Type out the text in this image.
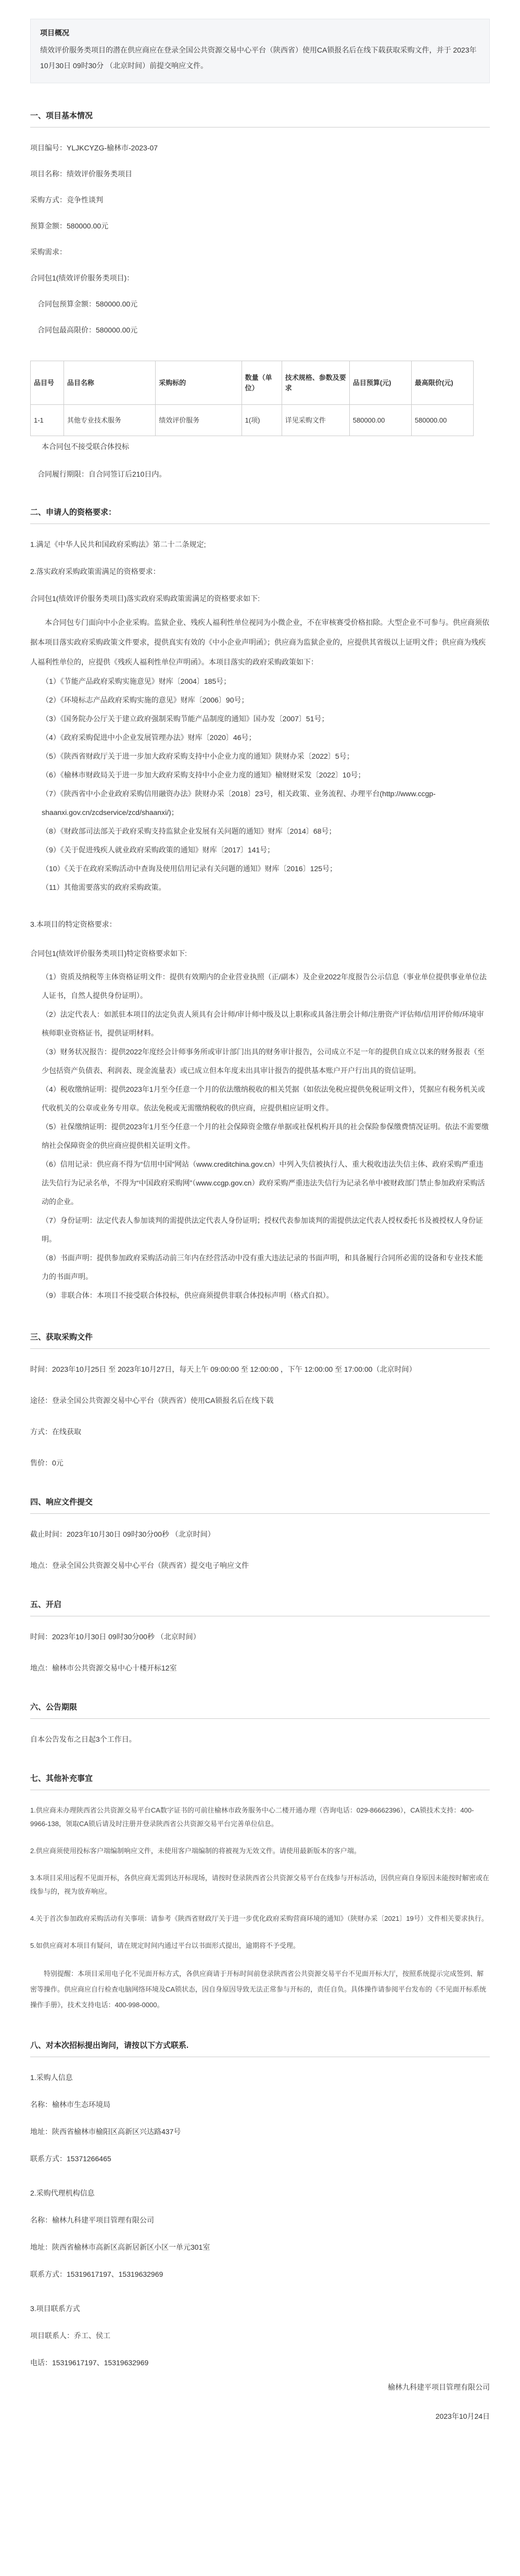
项目概况
绩效评价服务类项目的潜在供应商应在登录全国公共资源交易中心平台（陕西省）使用CA锁报名后在线下载获取采购文件，并于 2023年10月30日 09时30分 （北京时间）前提交响应文件。
一、项目基本情况
项目编号：YLJKCYZG-榆林市-2023-07
项目名称：绩效评价服务类项目
采购方式：竞争性谈判
预算金额：580000.00元
采购需求：
合同包1(绩效评价服务类项目)：
合同包预算金额：580000.00元
合同包最高限价：580000.00元
品目号	品目名称	采购标的	数量（单位）	技术规格、参数及要求	品目预算(元)	最高限价(元)
1-1	其他专业技术服务	绩效评价服务	1(项)	详见采购文件	580000.00	580000.00
本合同包不接受联合体投标
合同履行期限：自合同签订后210日内。
二、申请人的资格要求：
1.满足《中华人民共和国政府采购法》第二十二条规定;
2.落实政府采购政策需满足的资格要求：
合同包1(绩效评价服务类项目)落实政府采购政策需满足的资格要求如下:
本合同包专门面向中小企业采购。监狱企业、残疾人福利性单位视同为小微企业，不在审核赛受价格扣除。大型企业不可参与。供应商须依据本项目落实政府采购政策文件要求，提供真实有效的《中小企业声明函》；供应商为监狱企业的，应提供其省级以上证明文件；供应商为残疾人福利性单位的，应提供《残疾人福利性单位声明函》。本项目落实的政府采购政策如下：
（1）《节能产品政府采购实施意见》财库〔2004〕185号；
（2）《环境标志产品政府采购实施的意见》财库〔2006〕90号；
（3）《国务院办公厅关于建立政府强制采购节能产品制度的通知》国办发〔2007〕51号；
（4）《政府采购促进中小企业发展管理办法》财库〔2020〕46号；
（5）《陕西省财政厅关于进一步加大政府采购支持中小企业力度的通知》陕财办采〔2022〕5号；
（6）《榆林市财政局关于进一步加大政府采购支持中小企业力度的通知》榆财财采发〔2022〕10号；
（7）《陕西省中小企业政府采购信用融资办法》陕财办采〔2018〕23号，相关政策、业务流程、办理平台(http://www.ccgp-shaanxi.gov.cn/zcdservice/zcd/shaanxi/)；
（8）《财政部司法部关于政府采购支持监狱企业发展有关问题的通知》财库〔2014〕68号；
（9）《关于促进残疾人就业政府采购政策的通知》财库〔2017〕141号；
（10）《关于在政府采购活动中查询及使用信用记录有关问题的通知》财库〔2016〕125号；
（11）其他需要落实的政府采购政策。
3.本项目的特定资格要求：
合同包1(绩效评价服务类项目)特定资格要求如下:
（1）资质及纳税等主体资格证明文件：提供有效期内的企业营业执照（正/副本）及企业2022年度报告公示信息（事业单位提供事业单位法人证书，自然人提供身份证明）。
（2）法定代表人：如派驻本项目的法定负责人须具有会计师/审计师中级及以上职称或具备注册会计师/注册资产评估师/信用评价师/环境审核师职业资格证书，提供证明材料。
（3）财务状况报告：提供2022年度经会计师事务所或审计部门出具的财务审计报告，公司成立不足一年的提供自成立以来的财务报表（至少包括资产负债表、利润表、现金流量表）或已成立但本年度未出具审计报告的提供基本账户开户行出具的资信证明。
（4）税收缴纳证明：提供2023年1月至今任意一个月的依法缴纳税收的相关凭据（如依法免税应提供免税证明文件），凭据应有税务机关或代收机关的公章或业务专用章。依法免税或无需缴纳税收的供应商，应提供相应证明文件。
（5）社保缴纳证明：提供2023年1月至今任意一个月的社会保障资金缴存单据或社保机构开具的社会保险参保缴费情况证明。依法不需要缴纳社会保障资金的供应商应提供相关证明文件。
（6）信用记录：供应商不得为“信用中国”网站（www.creditchina.gov.cn）中列入失信被执行人、重大税收违法失信主体、政府采购严重违法失信行为记录名单，不得为“中国政府采购网”（www.ccgp.gov.cn）政府采购严重违法失信行为记录名单中被财政部门禁止参加政府采购活动的企业。
（7）身份证明：法定代表人参加谈判的需提供法定代表人身份证明；授权代表参加谈判的需提供法定代表人授权委托书及被授权人身份证明。
（8）书面声明：提供参加政府采购活动前三年内在经营活动中没有重大违法记录的书面声明，和具备履行合同所必需的设备和专业技术能力的书面声明。
（9）非联合体：本项目不接受联合体投标，供应商须提供非联合体投标声明（格式自拟）。
三、获取采购文件
时间：2023年10月25日 至 2023年10月27日，每天上午 09:00:00 至 12:00:00 ，下午 12:00:00 至 17:00:00（北京时间）
途径：登录全国公共资源交易中心平台（陕西省）使用CA锁报名后在线下载
方式：在线获取
售价：0元
四、响应文件提交
截止时间：2023年10月30日 09时30分00秒 （北京时间）
地点：登录全国公共资源交易中心平台（陕西省）提交电子响应文件
五、开启
时间：2023年10月30日 09时30分00秒 （北京时间）
地点：榆林市公共资源交易中心十楼开标12室
六、公告期限
自本公告发布之日起3个工作日。
七、其他补充事宜
1.供应商未办理陕西省公共资源交易平台CA数字证书的可前往榆林市政务服务中心二楼开通办理（咨询电话：029-86662396），CA锁技术支持：400-9966-138，领取CA锁后请及时注册并登录陕西省公共资源交易平台完善单位信息。
2.供应商须使用投标客户端编制响应文件，未使用客户端编制的将被视为无效文件。请使用最新版本的客户端。
3.本项目采用远程不见面开标，各供应商无需到达开标现场，请按时登录陕西省公共资源交易平台在线参与开标活动，因供应商自身原因未能按时解密或在线参与的，视为放弃响应。
4.关于首次参加政府采购活动有关事项：请参考《陕西省财政厅关于进一步优化政府采购营商环境的通知》（陕财办采〔2021〕19号）文件相关要求执行。
5.如供应商对本项目有疑问，请在规定时间内通过平台以书面形式提出，逾期将不予受理。
特别提醒：本项目采用电子化不见面开标方式，各供应商请于开标时间前登录陕西省公共资源交易平台不见面开标大厅，按照系统提示完成签到、解密等操作。供应商应自行检查电脑网络环境及CA锁状态，因自身原因导致无法正常参与开标的，责任自负。具体操作请参阅平台发布的《不见面开标系统操作手册》，技术支持电话：400-998-0000。
八、对本次招标提出询问，请按以下方式联系.
1.采购人信息
名称：榆林市生态环境局
地址：陕西省榆林市榆阳区高新区兴达路437号
联系方式：15371266465
2.采购代理机构信息
名称：榆林九科建平项目管理有限公司
地址：陕西省榆林市高新区高新居新区小区一单元301室
联系方式：15319617197、15319632969
3.项目联系方式
项目联系人：乔工、侯工
电话：15319617197、15319632969
榆林九科建平项目管理有限公司
2023年10月24日
